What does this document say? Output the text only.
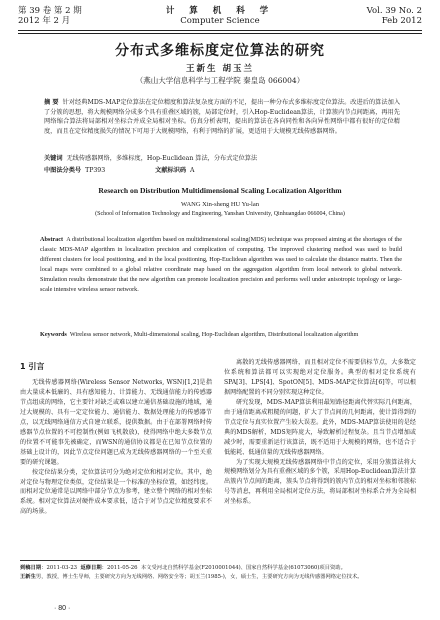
第 39 卷 第 2 期
2012 年 2 月
计 算 机 科 学
Computer Science
Vol. 39 No. 2
Feb 2012
分布式多维标度定位算法的研究
王新生 胡玉兰
（燕山大学信息科学与工程学院 秦皇岛 066004）
摘 要 针对经典MDS-MAP定位算法在定位精度和算法复杂度方面的不足，提出一种分布式多维标度定位算法。改进后的算法加入了分簇的思想，将大规模网络分成多个具有重叠区域的簇，局部定位时，引入Hop-Euclidean算法，计算簇内节点间距离，再用先网络缩合算法将局部相对坐标合并成全局相对坐标。仿真分析表明，提出的算法在各向同性和各向异性网络中都有很好的定位精度，而且在定位精度损失的情况下可用于大规模网络，有利于网络的扩展，更适用于大规模无线传感器网络。
关键词 无线传感器网络，多维标度，Hop-Euclidean 算法，分布式定位算法
中图法分类号 TP393	文献标识码 A
Research on Distribution Multidimensional Scaling Localization Algorithm
WANG Xin-sheng HU Yu-lan
(School of Information Technology and Engineering, Yanshan University, Qinhuangdao 066004, China)
Abstract A distributional localization algorithm based on multidimensional scaling(MDS) technique was proposed aiming at the shortages of the classic MDS-MAP algorithm in localization precision and complication of computing. The improved clustering method was used to build different clusters for local positioning, and in the local positioning, Hop-Euclidean algorithm was used to calculate the distance matrix. Then the local maps were combined to a global relative coordinate map based on the aggregation algorithm from local network to global network. Simulation results demonstrate that the new algorithm can promote localization precision and performs well under anisotropic topology or large-scale intensive wireless sensor network.
Keywords Wireless sensor network, Multi-dimensional scaling, Hop-Euclidean algorithm, Distributional localization algorithm
1 引言

无线传感器网络(Wireless Sensor Networks, WSN)[1,2]是指由大量成本低廉的、具有感知能力、计算能力、无线通信能力的传感器节点组成的网络，它主要针对缺乏或难以建立通信基础设施的地域，通过大规模的、具有一定定位能力、通信能力、数据处理能力的传感器节点，以无线网络通信方式自建立联系，提供数据。由于在部署网络时传感器节点位置的不可控制性(例如飞机散放)，使得网络中绝大多数节点的位置不可能事先被确定，而WSN的通信协议都是在已知节点位置的基础上设计的，因此节点定位问题已成为无线传感器网络的一个至关重要的研究课题。

按定位结果分类，定位算法可分为绝对定位和相对定位。其中，绝对定位与物理定位类似，定位结果是一个标准的坐标位置，如经纬度。而相对定位通常是以网络中部分节点为参考，建立整个网络的相对坐标系统。相对定位算法对硬件成本要求低，适合于对节点定位精度要求不高的场景。

离散的无线传感器网络，而且相对定位不需要信标节点，大多数定位系统和算法都可以实现绝对定位服务。典型的相对定位系统有SPA[3]、LPS[4]、SpotON[5]、MDS-MAP定位算法[6]等，可以根据网络配置的不同分别实现这种定位。

研究发现，MDS-MAP算法利用最短路径距离代替实际几何距离，由于通信距离成粗糙的问题，扩大了节点间的几何距离，使计算得到的节点定位与真实位置产生较大误差。此外，MDS-MAP算法使用的是经典的MDS解析，MDS矩阵庞大，导致解析过程复杂。且当节点增加或减少时，需要重新运行该算法，既不适用于大规模的网络，也不适合于低能耗、低通信量的无线传感器网络。

为了实现大规模无线传感器网络中节点的定位，采用分簇算法将大规模网络划分为具有重叠区域的多个簇，采用Hop-Euclidean算法计算出簇内节点间的距离，簇头节点将得到的簇内节点的相对坐标和邻簇标号等消息，再利用全局相对定位方法，将局部相对坐标系合并为全局相对坐标系。

到稿日期：2011-03-23 返修日期：2011-05-26 本文受河北自然科学基金(F2010001044)、国家自然科学基金(61073060)项目资助。
王新生男，教授，博士生导师，主要研究方向为无线网络、网络安全等；胡玉兰(1985-)，女，硕士生，主要研究方向为无线传感器网络定位技术。
· 80 ·
